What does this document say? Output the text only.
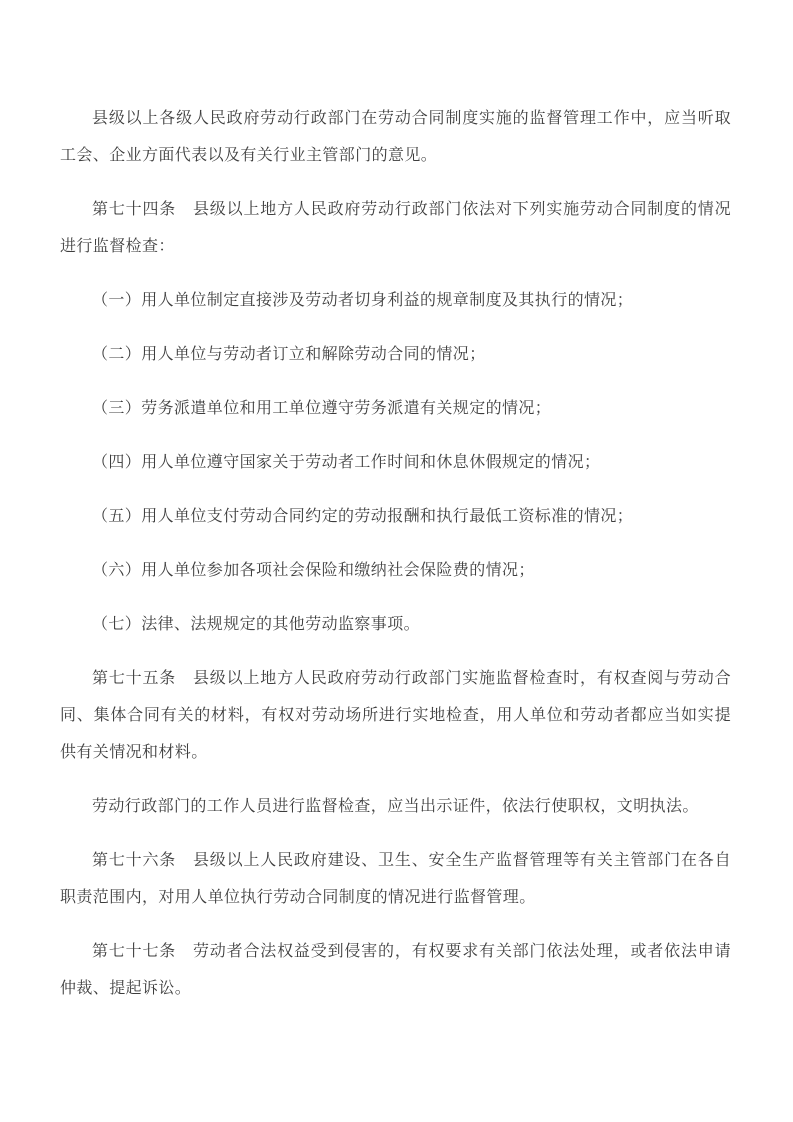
县级以上各级人民政府劳动行政部门在劳动合同制度实施的监督管理工作中，应当听取工会、企业方面代表以及有关行业主管部门的意见。

第七十四条　县级以上地方人民政府劳动行政部门依法对下列实施劳动合同制度的情况进行监督检查：

（一）用人单位制定直接涉及劳动者切身利益的规章制度及其执行的情况；

（二）用人单位与劳动者订立和解除劳动合同的情况；

（三）劳务派遣单位和用工单位遵守劳务派遣有关规定的情况；

（四）用人单位遵守国家关于劳动者工作时间和休息休假规定的情况；

（五）用人单位支付劳动合同约定的劳动报酬和执行最低工资标准的情况；

（六）用人单位参加各项社会保险和缴纳社会保险费的情况；

（七）法律、法规规定的其他劳动监察事项。

第七十五条　县级以上地方人民政府劳动行政部门实施监督检查时，有权查阅与劳动合同、集体合同有关的材料，有权对劳动场所进行实地检查，用人单位和劳动者都应当如实提供有关情况和材料。

劳动行政部门的工作人员进行监督检查，应当出示证件，依法行使职权，文明执法。

第七十六条　县级以上人民政府建设、卫生、安全生产监督管理等有关主管部门在各自职责范围内，对用人单位执行劳动合同制度的情况进行监督管理。

第七十七条　劳动者合法权益受到侵害的，有权要求有关部门依法处理，或者依法申请仲裁、提起诉讼。
